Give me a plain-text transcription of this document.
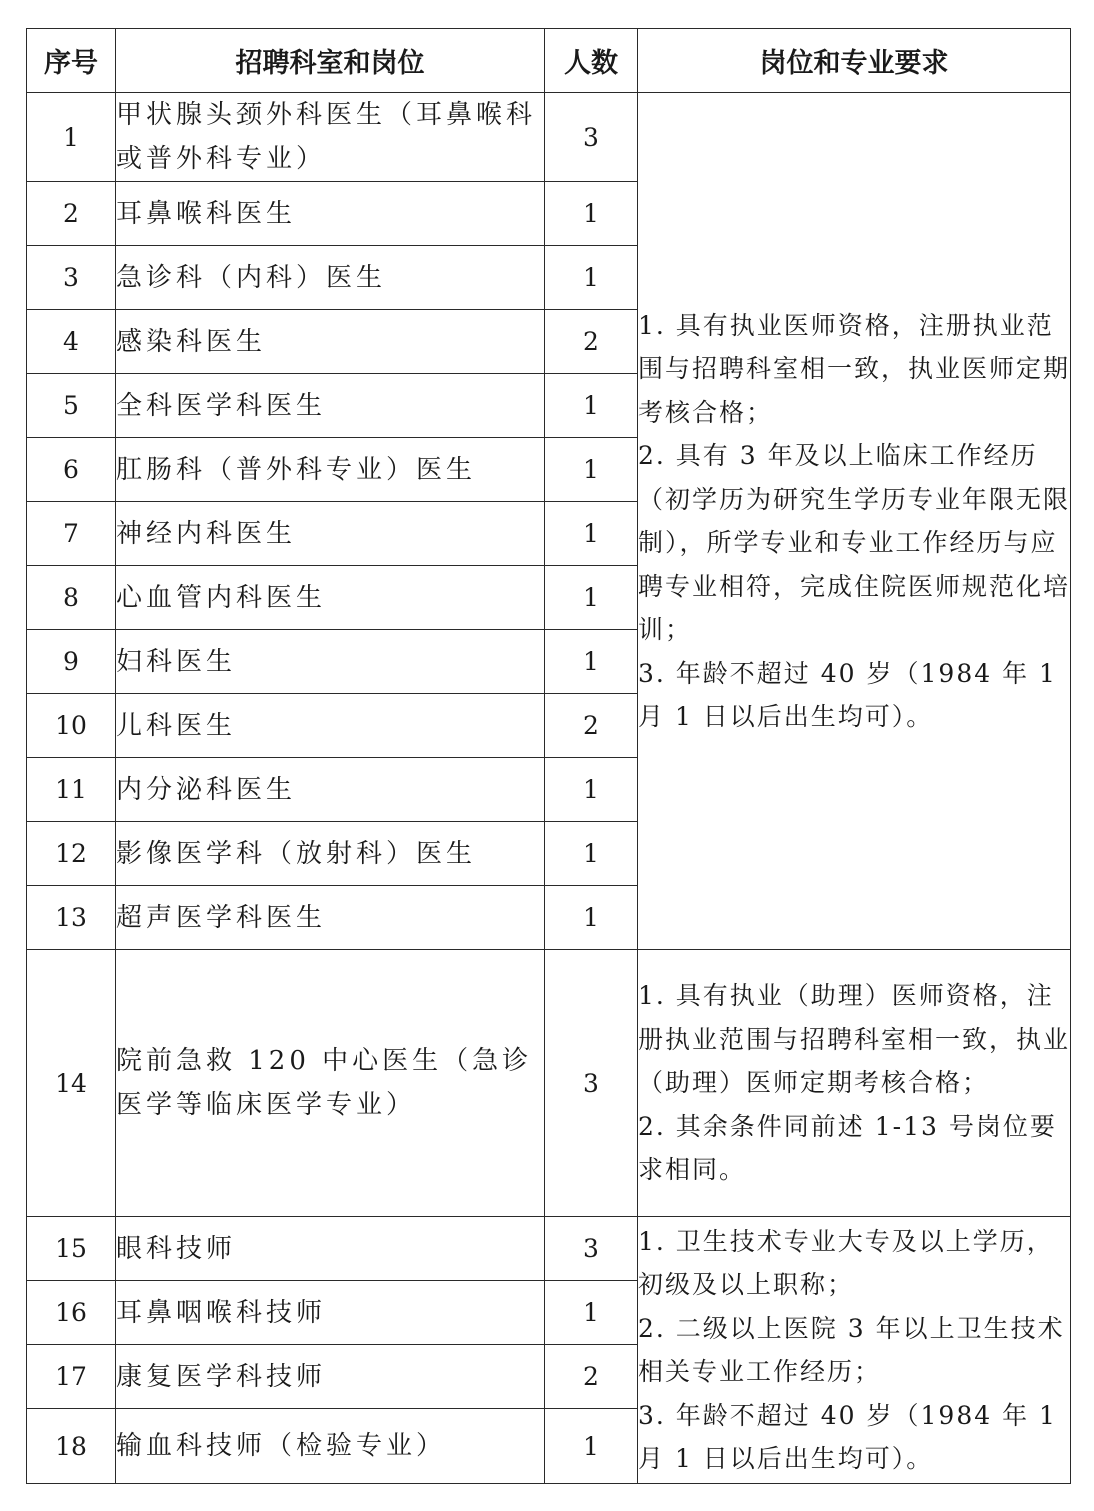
序号	招聘科室和岗位	人数	岗位和专业要求
1	甲状腺头颈外科医生（耳鼻喉科或普外科专业）	3	1. 具有执业医师资格，注册执业范围与招聘科室相一致，执业医师定期考核合格；
2. 具有 3 年及以上临床工作经历（初学历为研究生学历专业年限无限制），所学专业和专业工作经历与应聘专业相符，完成住院医师规范化培训；
3. 年龄不超过 40 岁（1984 年 1 月 1 日以后出生均可）。

2	耳鼻喉科医生	1	
3	急诊科（内科）医生	1	
4	感染科医生	2	
5	全科医学科医生	1	
6	肛肠科（普外科专业）医生	1	
7	神经内科医生	1	
8	心血管内科医生	1	
9	妇科医生	1	
10	儿科医生	2	
11	内分泌科医生	1	
12	影像医学科（放射科）医生	1	
13	超声医学科医生	1	
14	院前急救 120 中心医生（急诊医学等临床医学专业）	3	1. 具有执业（助理）医师资格，注册执业范围与招聘科室相一致，执业（助理）医师定期考核合格；
2. 其余条件同前述 1-13 号岗位要求相同。

15	眼科技师	3	1. 卫生技术专业大专及以上学历，初级及以上职称；
2. 二级以上医院 3 年以上卫生技术相关专业工作经历；
3. 年龄不超过 40 岁（1984 年 1 月 1 日以后出生均可）。

16	耳鼻咽喉科技师	1	
17	康复医学科技师	2	
18	输血科技师（检验专业）	1	
